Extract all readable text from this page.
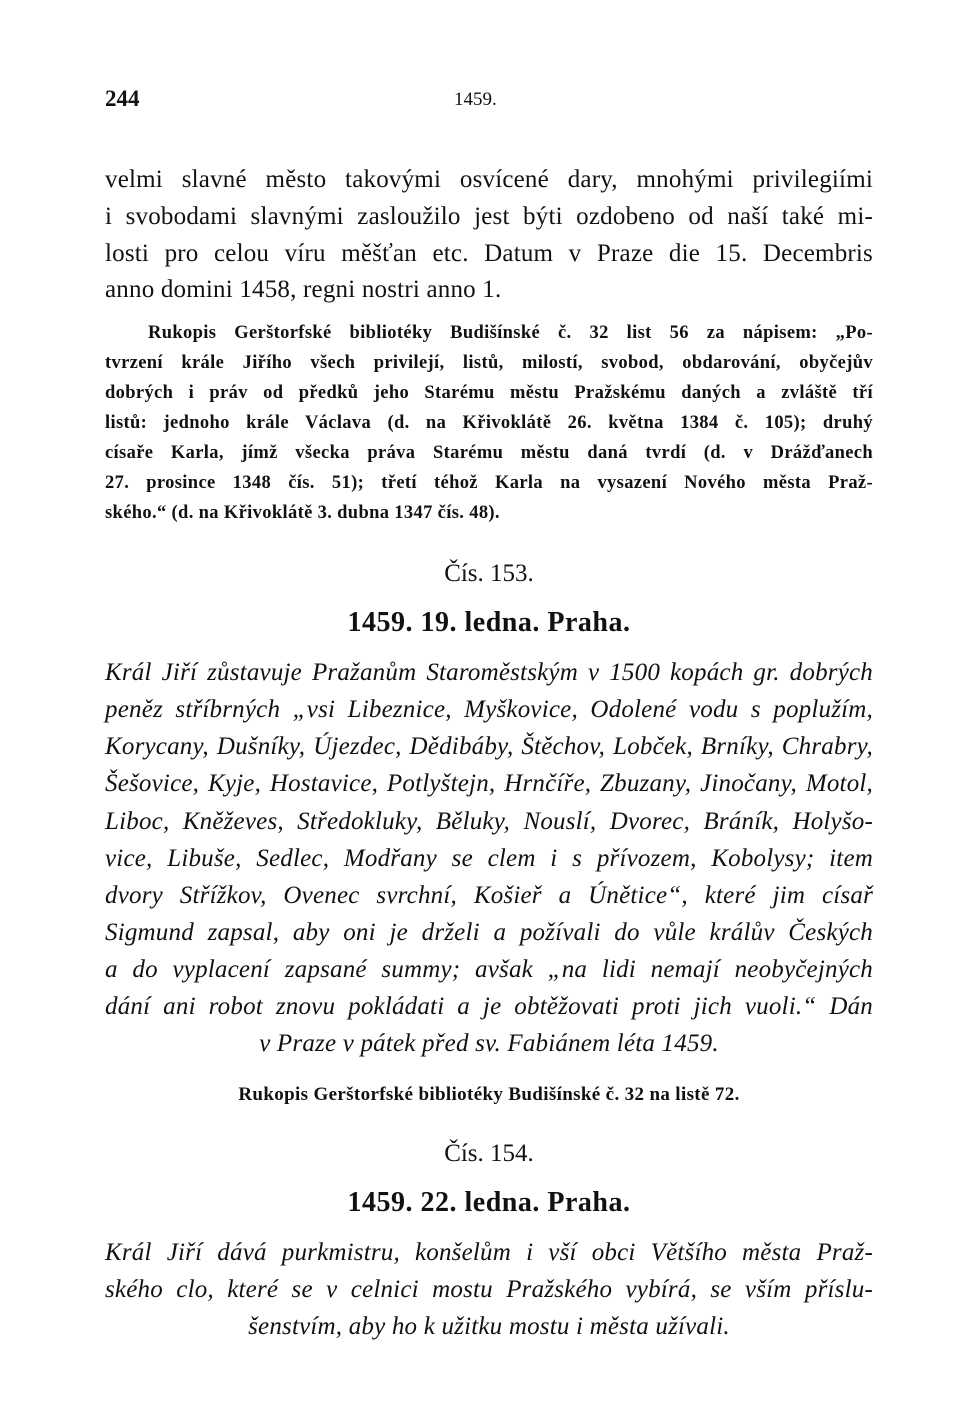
244	1459.
velmi slavné město takovými osvícené dary, mnohými privilegiími
i svobodami slavnými zasloužilo jest býti ozdobeno od naší také mi-
losti pro celou víru měšťan etc. Datum v Praze die 15. Decembris
anno domini 1458, regni nostri anno 1.
Rukopis Gerštorfské bibliotéky Budišínské č. 32 list 56 za nápisem: „Po-
tvrzení krále Jiřího všech privilejí, listů, milostí, svobod, obdarování, obyčejův
dobrých i práv od předků jeho Starému městu Pražskému daných a zvláště tří
listů: jednoho krále Václava (d. na Křivoklátě 26. května 1384 č. 105); druhý
císaře Karla, jímž všecka práva Starému městu daná tvrdí (d. v Drážďanech
27. prosince 1348 čís. 51); třetí téhož Karla na vysazení Nového města Praž-
ského.“ (d. na Křivoklátě 3. dubna 1347 čís. 48).
Čís. 153.
1459. 19. ledna. Praha.
Král Jiří zůstavuje Pražanům Staroměstským v 1500 kopách gr. dobrých
peněz stříbrných „vsi Libeznice, Myškovice, Odolené vodu s poplužím,
Korycany, Dušníky, Újezdec, Dědibáby, Štěchov, Lobček, Brníky, Chrabry,
Šešovice, Kyje, Hostavice, Potlyštejn, Hrnčíře, Zbuzany, Jinočany, Motol,
Liboc, Kněževes, Středokluky, Běluky, Nouslí, Dvorec, Bráník, Holyšo-
vice, Libuše, Sedlec, Modřany se clem i s přívozem, Kobolysy; item
dvory Střížkov, Ovenec svrchní, Košieř a Únětice“, které jim císař
Sigmund zapsal, aby oni je drželi a požívali do vůle králův Českých
a do vyplacení zapsané summy; avšak „na lidi nemají neobyčejných
dání ani robot znovu pokládati a je obtěžovati proti jich vuoli.“ Dán
v Praze v pátek před sv. Fabiánem léta 1459.
Rukopis Gerštorfské bibliotéky Budišínské č. 32 na listě 72.
Čís. 154.
1459. 22. ledna. Praha.
Král Jiří dává purkmistru, konšelům i vší obci Většího města Praž-
ského clo, které se v celnici mostu Pražského vybírá, se vším příslu-
šenstvím, aby ho k užitku mostu i města užívali.
